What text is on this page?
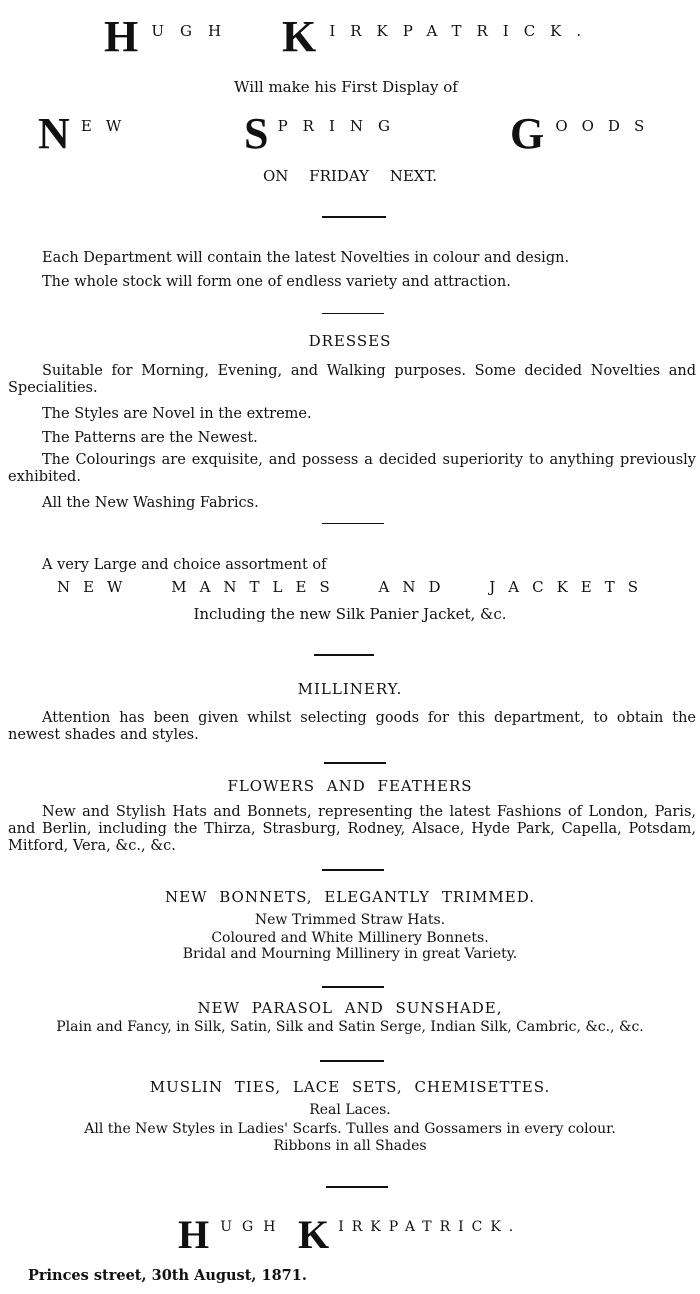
H UGH K IRKPATRICK.
Will make his First Display of
N EW S PRING G OODS
ON FRIDAY NEXT.
Each Department will contain the latest Novelties in colour and design.
The whole stock will form one of endless variety and attraction.
DRESSES
Suitable for Morning, Evening, and Walking purposes. Some decided Novelties and Specialities.
The Styles are Novel in the extreme.
The Patterns are the Newest.
The Colourings are exquisite, and possess a decided superiority to anything previously exhibited.
All the New Washing Fabrics.
A very Large and choice assortment of
NEW MANTLES AND JACKETS
Including the new Silk Panier Jacket, &c.
MILLINERY.
Attention has been given whilst selecting goods for this department, to obtain the newest shades and styles.
FLOWERS AND FEATHERS
New and Stylish Hats and Bonnets, representing the latest Fashions of London, Paris, and Berlin, including the Thirza, Strasburg, Rodney, Alsace, Hyde Park, Capella, Potsdam, Mitford, Vera, &c., &c.
NEW BONNETS, ELEGANTLY TRIMMED.
New Trimmed Straw Hats.
Coloured and White Millinery Bonnets.
Bridal and Mourning Millinery in great Variety.
NEW PARASOL AND SUNSHADE,
Plain and Fancy, in Silk, Satin, Silk and Satin Serge, Indian Silk, Cambric, &c., &c.
MUSLIN TIES, LACE SETS, CHEMISETTES.
Real Laces.
All the New Styles in Ladies' Scarfs. Tulles and Gossamers in every colour.
Ribbons in all Shades
H UGH K IRKPATRICK.
Princes street, 30th August, 1871.
